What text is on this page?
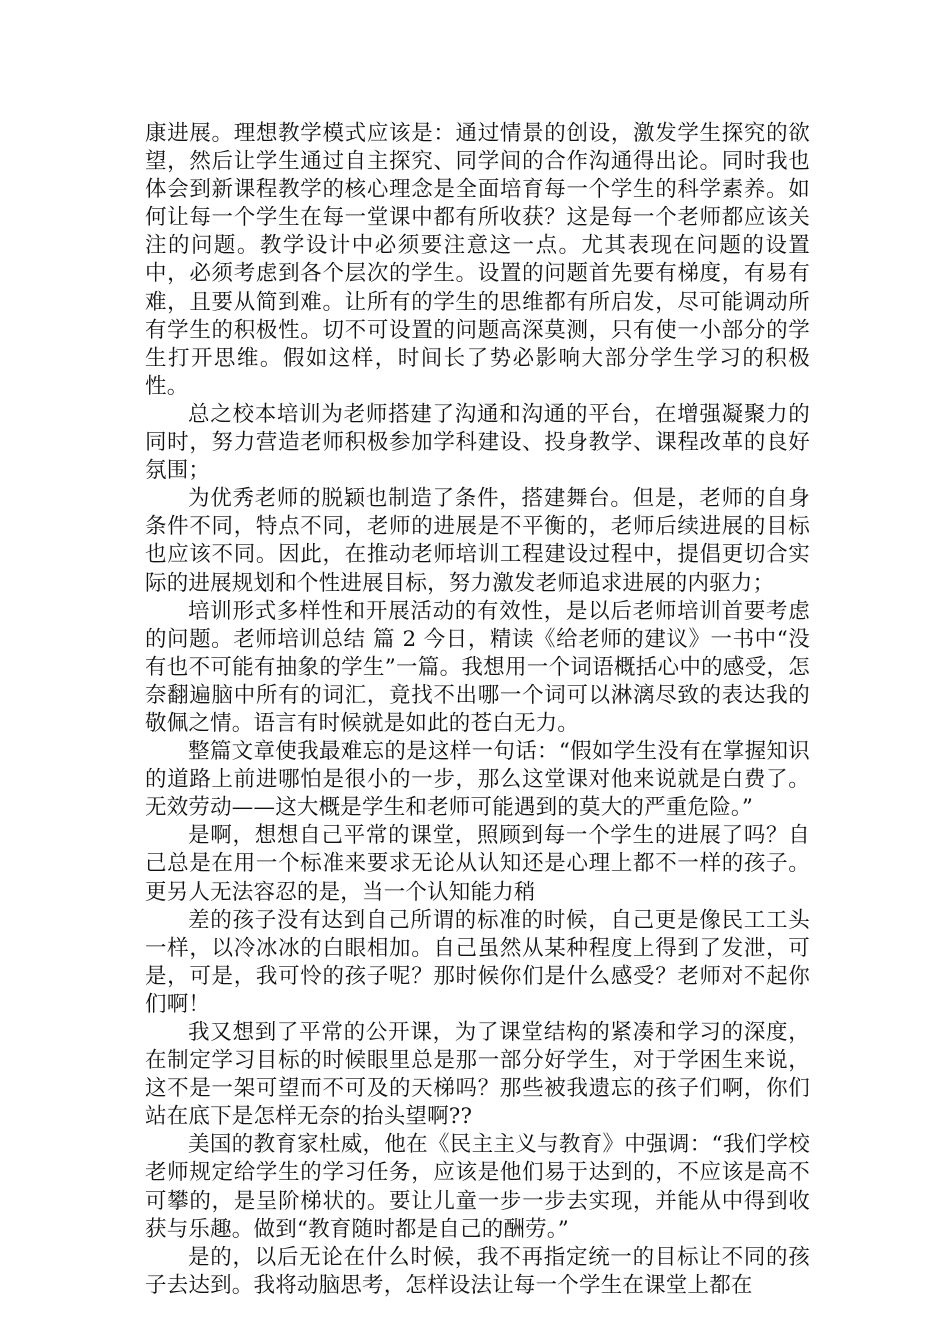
康进展。理想教学模式应该是：通过情景的创设，激发学生探究的欲望，然后让学生通过自主探究、同学间的合作沟通得出论。同时我也体会到新课程教学的核心理念是全面培育每一个学生的科学素养。如何让每一个学生在每一堂课中都有所收获？这是每一个老师都应该关注的问题。教学设计中必须要注意这一点。尤其表现在问题的设置中，必须考虑到各个层次的学生。设置的问题首先要有梯度，有易有难，且要从简到难。让所有的学生的思维都有所启发，尽可能调动所有学生的积极性。切不可设置的问题高深莫测，只有使一小部分的学生打开思维。假如这样，时间长了势必影响大部分学生学习的积极性。

总之校本培训为老师搭建了沟通和沟通的平台，在增强凝聚力的同时，努力营造老师积极参加学科建设、投身教学、课程改革的良好氛围；

为优秀老师的脱颖也制造了条件，搭建舞台。但是，老师的自身条件不同，特点不同，老师的进展是不平衡的，老师后续进展的目标也应该不同。因此，在推动老师培训工程建设过程中，提倡更切合实际的进展规划和个性进展目标，努力激发老师追求进展的内驱力；

培训形式多样性和开展活动的有效性，是以后老师培训首要考虑的问题。老师培训总结 篇 2 今日，精读《给老师的建议》一书中“没有也不可能有抽象的学生”一篇。我想用一个词语概括心中的感受，怎奈翻遍脑中所有的词汇，竟找不出哪一个词可以淋漓尽致的表达我的敬佩之情。语言有时候就是如此的苍白无力。

整篇文章使我最难忘的是这样一句话：“假如学生没有在掌握知识的道路上前进哪怕是很小的一步，那么这堂课对他来说就是白费了。无效劳动——这大概是学生和老师可能遇到的莫大的严重危险。”

是啊，想想自己平常的课堂，照顾到每一个学生的进展了吗？自己总是在用一个标准来要求无论从认知还是心理上都不一样的孩子。更另人无法容忍的是，当一个认知能力稍

差的孩子没有达到自己所谓的标准的时候，自己更是像民工工头一样，以冷冰冰的白眼相加。自己虽然从某种程度上得到了发泄，可是，可是，我可怜的孩子呢？那时候你们是什么感受？老师对不起你们啊！

我又想到了平常的公开课，为了课堂结构的紧凑和学习的深度，在制定学习目标的时候眼里总是那一部分好学生，对于学困生来说，这不是一架可望而不可及的天梯吗？那些被我遗忘的孩子们啊，你们站在底下是怎样无奈的抬头望啊??

美国的教育家杜威，他在《民主主义与教育》中强调：“我们学校老师规定给学生的学习任务，应该是他们易于达到的，不应该是高不可攀的，是呈阶梯状的。要让儿童一步一步去实现，并能从中得到收获与乐趣。做到“教育随时都是自己的酬劳。”

是的，以后无论在什么时候，我不再指定统一的目标让不同的孩子去达到。我将动脑思考，怎样设法让每一个学生在课堂上都在
